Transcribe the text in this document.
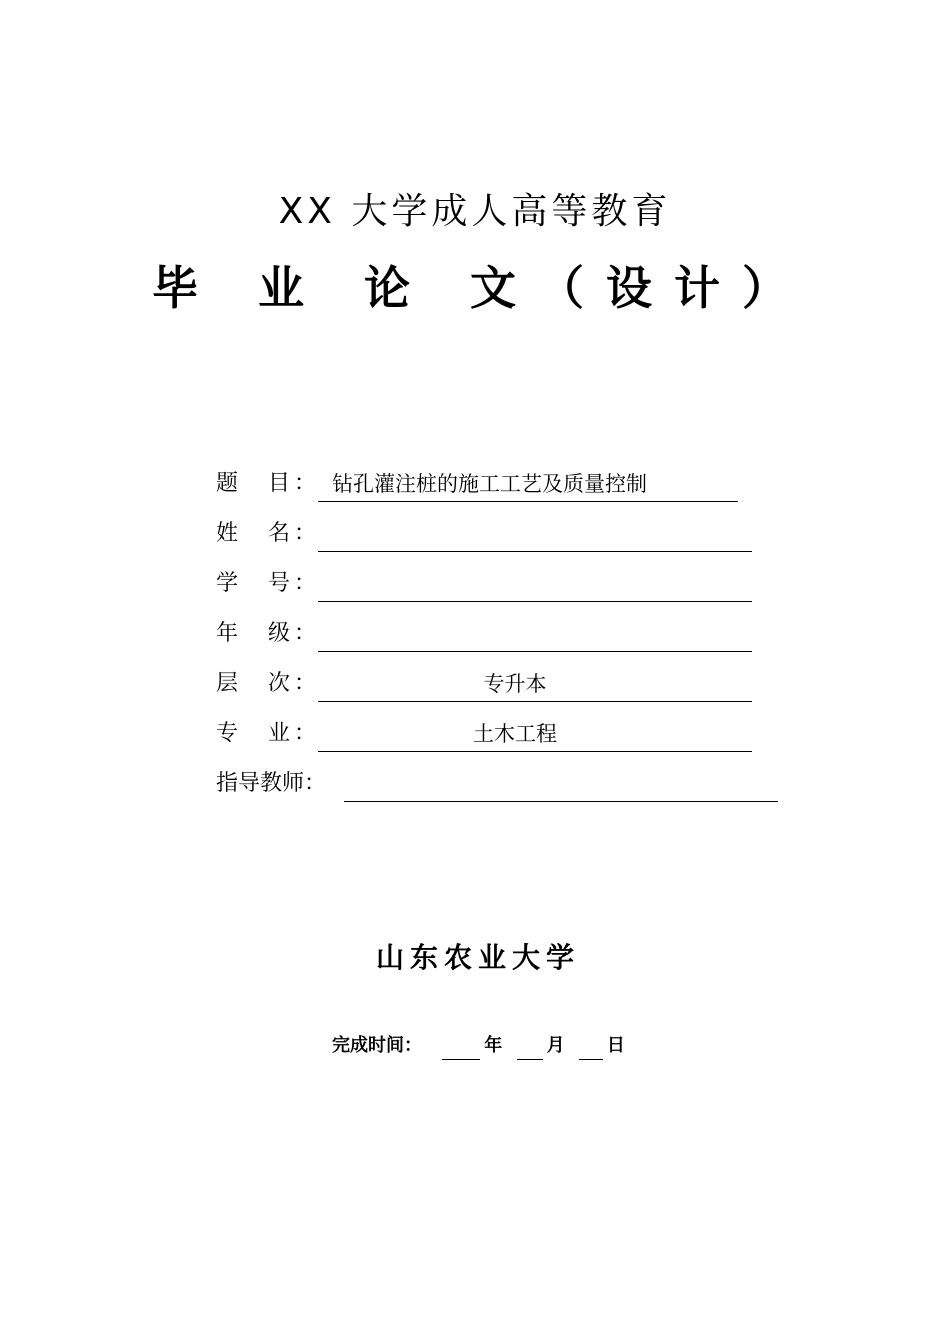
XX 大学成人高等教育
毕 业 论 文（设计）
题 目 ： 钻孔灌注桩的施工工艺及质量控制
姓 名 ：
学 号 ：
年 级 ：
层 次 ：	专升本
专 业 ：	土木工程
指导教师：
山东农业大学
完成时间：	年 月 日
